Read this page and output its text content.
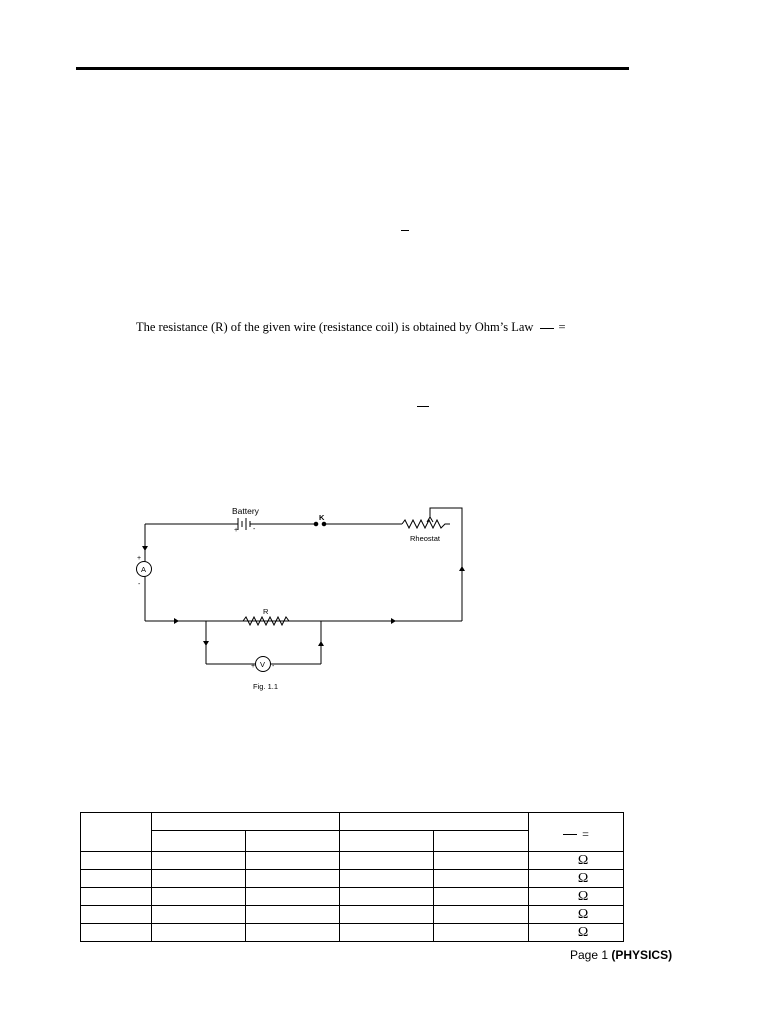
The resistance (R) of the given wire (resistance coil) is obtained by Ohm’s Law =
Battery
+ -
K
Rheostat
A
+
-
R
V
+ -
Fig. 1.1

					=

					Ω
					Ω
					Ω
					Ω
					Ω
Page 1 (PHYSICS)
